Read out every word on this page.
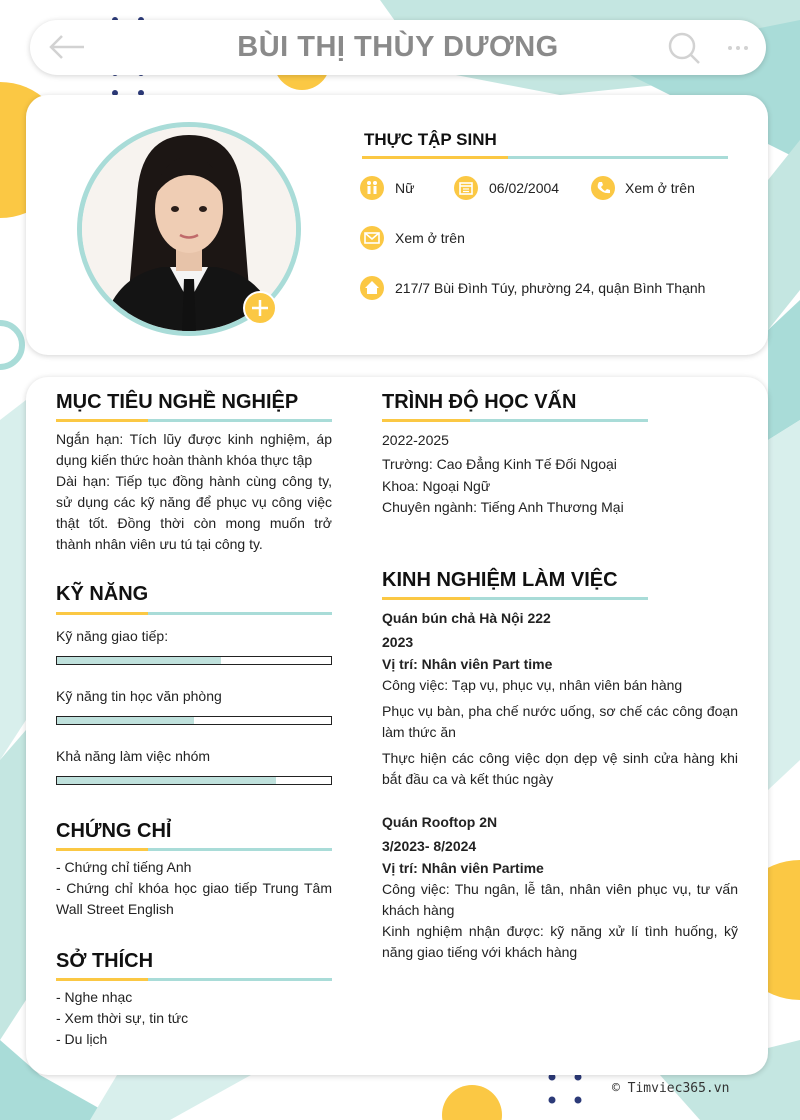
BÙI THỊ THÙY DƯƠNG
THỰC TẬP SINH
Nữ	06/02/2004	Xem ở trên
Xem ở trên
217/7 Bùi Đình Túy, phường 24, quận Bình Thạnh
MỤC TIÊU NGHỀ NGHIỆP
Ngắn hạn: Tích lũy được kinh nghiệm, áp dụng kiến thức hoàn thành khóa thực tập
Dài hạn: Tiếp tục đồng hành cùng công ty, sử dụng các kỹ năng để phục vụ công việc thật tốt. Đồng thời còn mong muốn trở thành nhân viên ưu tú tại công ty.
KỸ NĂNG
Kỹ năng giao tiếp:
Kỹ năng tin học văn phòng
Khả năng làm việc nhóm
CHỨNG CHỈ
- Chứng chỉ tiếng Anh
- Chứng chỉ khóa học giao tiếp Trung Tâm Wall Street English
SỞ THÍCH
- Nghe nhạc
- Xem thời sự, tin tức
- Du lịch
TRÌNH ĐỘ HỌC VẤN
2022-2025
Trường: Cao Đẳng Kinh Tế Đối Ngoại
Khoa: Ngoại Ngữ
Chuyên ngành: Tiếng Anh Thương Mại
KINH NGHIỆM LÀM VIỆC
Quán bún chả Hà Nội 222
2023
Vị trí: Nhân viên Part time
Công việc: Tạp vụ, phục vụ, nhân viên bán hàng
Phục vụ bàn, pha chế nước uống, sơ chế các công đoạn làm thức ăn
Thực hiện các công việc dọn dẹp vệ sinh cửa hàng khi bắt đầu ca và kết thúc ngày
Quán Rooftop 2N
3/2023- 8/2024
Vị trí: Nhân viên Partime
Công việc: Thu ngân, lễ tân, nhân viên phục vụ, tư vấn khách hàng
Kinh nghiệm nhận được: kỹ năng xử lí tình huống, kỹ năng giao tiếng với khách hàng
© Timviec365.vn
